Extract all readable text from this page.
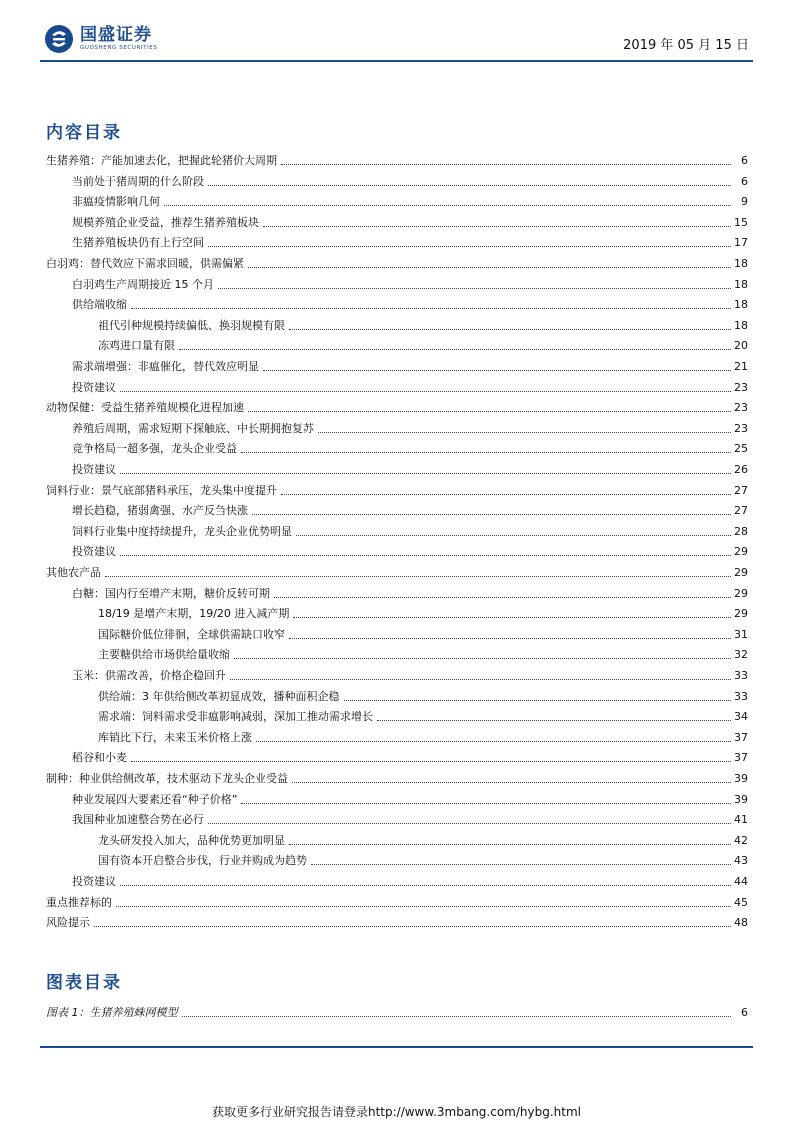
国盛证券
GUOSHENG SECURITIES	2019 年 05 月 15 日
内容目录
生猪养殖：产能加速去化，把握此轮猪价大周期	6
当前处于猪周期的什么阶段	6
非瘟疫情影响几何	9
规模养殖企业受益，推荐生猪养殖板块	15
生猪养殖板块仍有上行空间	17
白羽鸡：替代效应下需求回暖，供需偏紧	18
白羽鸡生产周期接近 15 个月	18
供给端收缩	18
祖代引种规模持续偏低、换羽规模有限	18
冻鸡进口量有限	20
需求端增强：非瘟催化，替代效应明显	21
投资建议	23
动物保健：受益生猪养殖规模化进程加速	23
养殖后周期，需求短期下探触底、中长期拥抱复苏	23
竞争格局一超多强，龙头企业受益	25
投资建议	26
饲料行业：景气底部猪料承压，龙头集中度提升	27
增长趋稳，猪弱禽强、水产反刍快涨	27
饲料行业集中度持续提升，龙头企业优势明显	28
投资建议	29
其他农产品	29
白糖：国内行至增产末期，糖价反转可期	29
18/19 是增产末期，19/20 进入减产期	29
国际糖价低位徘徊，全球供需缺口收窄	31
主要糖供给市场供给量收缩	32
玉米：供需改善，价格企稳回升	33
供给端：3 年供给侧改革初显成效，播种面积企稳	33
需求端：饲料需求受非瘟影响减弱，深加工推动需求增长	34
库销比下行，未来玉米价格上涨	37
稻谷和小麦	37
制种：种业供给侧改革，技术驱动下龙头企业受益	39
种业发展四大要素还看“种子价格”	39
我国种业加速整合势在必行	41
龙头研发投入加大，品种优势更加明显	42
国有资本开启整合步伐，行业并购成为趋势	43
投资建议	44
重点推荐标的	45
风险提示	48
图表目录
图表 1：生猪养殖蛛网模型	6
获取更多行业研究报告请登录http://www.3mbang.com/hybg.html
